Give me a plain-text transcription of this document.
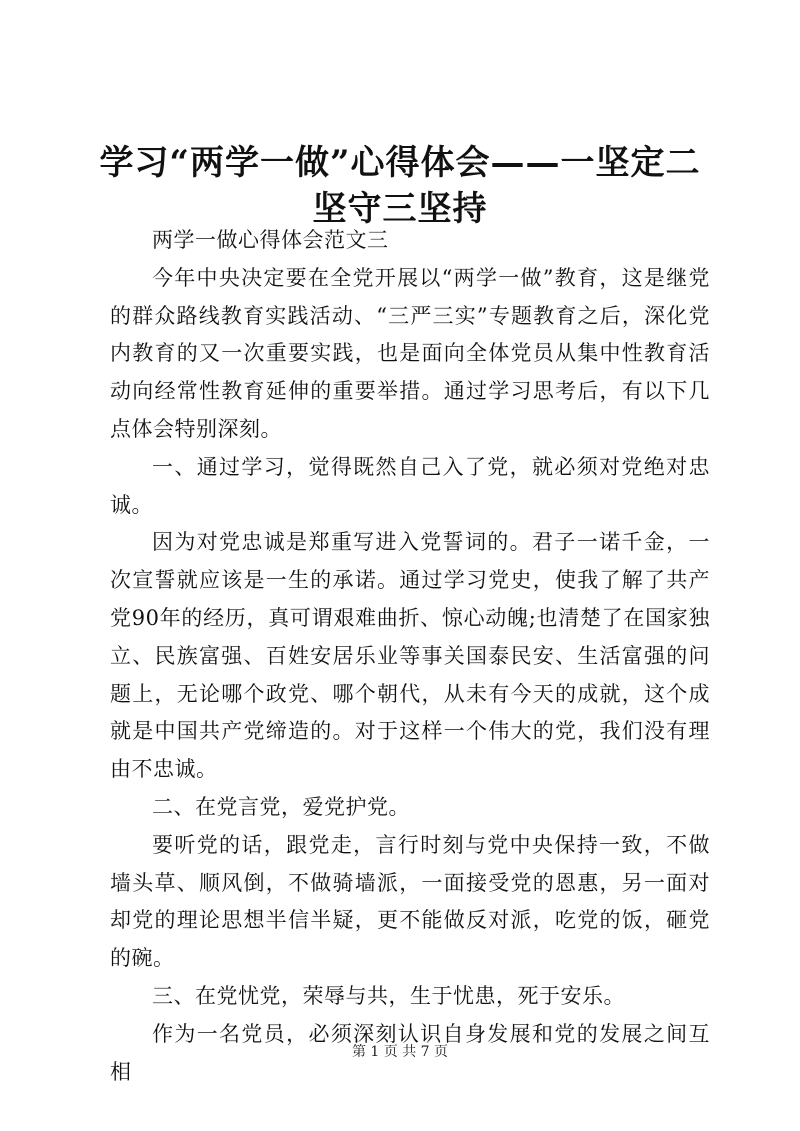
学习“两学一做”心得体会——一坚定二坚守三坚持

两学一做心得体会范文三

今年中央决定要在全党开展以“两学一做”教育，这是继党的群众路线教育实践活动、“三严三实”专题教育之后，深化党内教育的又一次重要实践，也是面向全体党员从集中性教育活动向经常性教育延伸的重要举措。通过学习思考后，有以下几点体会特别深刻。

一、通过学习，觉得既然自己入了党，就必须对党绝对忠诚。

因为对党忠诚是郑重写进入党誓词的。君子一诺千金，一次宣誓就应该是一生的承诺。通过学习党史，使我了解了共产党90年的经历，真可谓艰难曲折、惊心动魄;也清楚了在国家独立、民族富强、百姓安居乐业等事关国泰民安、生活富强的问题上，无论哪个政党、哪个朝代，从未有今天的成就，这个成就是中国共产党缔造的。对于这样一个伟大的党，我们没有理由不忠诚。

二、在党言党，爱党护党。

要听党的话，跟党走，言行时刻与党中央保持一致，不做墙头草、顺风倒，不做骑墙派，一面接受党的恩惠，另一面对却党的理论思想半信半疑，更不能做反对派，吃党的饭，砸党的碗。

三、在党忧党，荣辱与共，生于忧患，死于安乐。

作为一名党员，必须深刻认识自身发展和党的发展之间互相

第 1 页 共 7 页
